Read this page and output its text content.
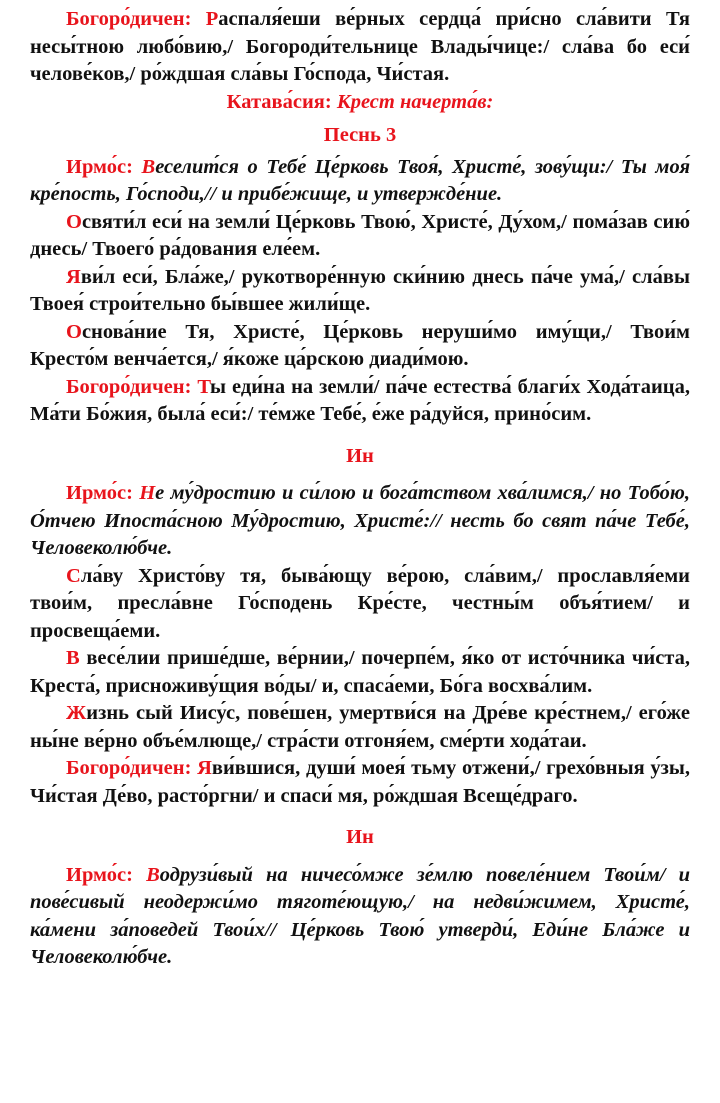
Богоро́дичен: Распаля́еши ве́рных сердца́ при́сно сла́вити Тя несы́тною любо́вию,/ Богороди́тельнице Влады́чице:/ сла́ва бо еси́ челове́ков,/ ро́ждшая сла́вы Го́спода, Чи́стая.

Катава́сия: Крест начерта́в:

Песнь 3

Ирмо́с: Веселит́ся о Тебе́ Це́рковь Твоя́, Христе́, зову́щи:/ Ты моя́ кре́пость, Го́споди,// и прибе́жище, и утвержде́ние.

Освяти́л еси́ на земли́ Це́рковь Твою́, Христе́, Ду́хом,/ пома́зав сию́ днесь/ Твоего́ ра́дования еле́ем.

Яви́л еси́, Бла́же,/ рукотворе́нную ски́нию днесь па́че ума́,/ сла́вы Твоея́ строи́тельно бы́вшее жили́ще.

Основа́ние Тя, Христе́, Це́рковь неруши́мо иму́щи,/ Твои́м Кресто́м венча́ется,/ я́коже ца́рскою диади́мою.

Богоро́дичен: Ты еди́на на земли́/ па́че естества́ благи́х Хода́таица, Ма́ти Бо́жия, была́ еси́:/ те́мже Тебе́, е́же ра́дуйся, прино́сим.

Ин

Ирмо́с: Не му́дростию и си́лою и бога́тством хва́лимся,/ но Тобо́ю, О́тчею Ипоста́сною Му́дростию, Христе́:// несть бо свят па́че Тебе́, Человеколю́бче.

Сла́ву Христо́ву тя, быва́ющу ве́рою, сла́вим,/ прославля́еми твои́м, пресла́вне Го́сподень Кре́сте, честны́м объя́тием/ и просвеща́еми.

В весе́лии прише́дше, ве́рнии,/ почерпе́м, я́ко от исто́чника чи́ста, Креста́, присноживу́щия во́ды/ и, спаса́еми, Бо́га восхва́лим.

Жизнь сый Иису́с, пове́шен, умертви́ся на Дре́ве кре́стнем,/ его́же ны́не ве́рно объе́млюще,/ стра́сти отгоня́ем, сме́рти хода́таи.

Богоро́дичен: Яви́вшися, души́ моея́ тьму отжени́,/ грехо́вныя у́зы, Чи́стая Де́во, расто́ргни/ и спаси́ мя, ро́ждшая Всеще́драго.

Ин

Ирмо́с: Водрузи́вый на ничесо́мже зе́млю повеле́нием Твои́м/ и пове́сивый неодержи́мо тяготе́ющую,/ на недви́жимем, Христе́, ка́мени за́поведей Твои́х// Це́рковь Твою́ утверди́, Еди́не Бла́же и Человеколю́бче.
